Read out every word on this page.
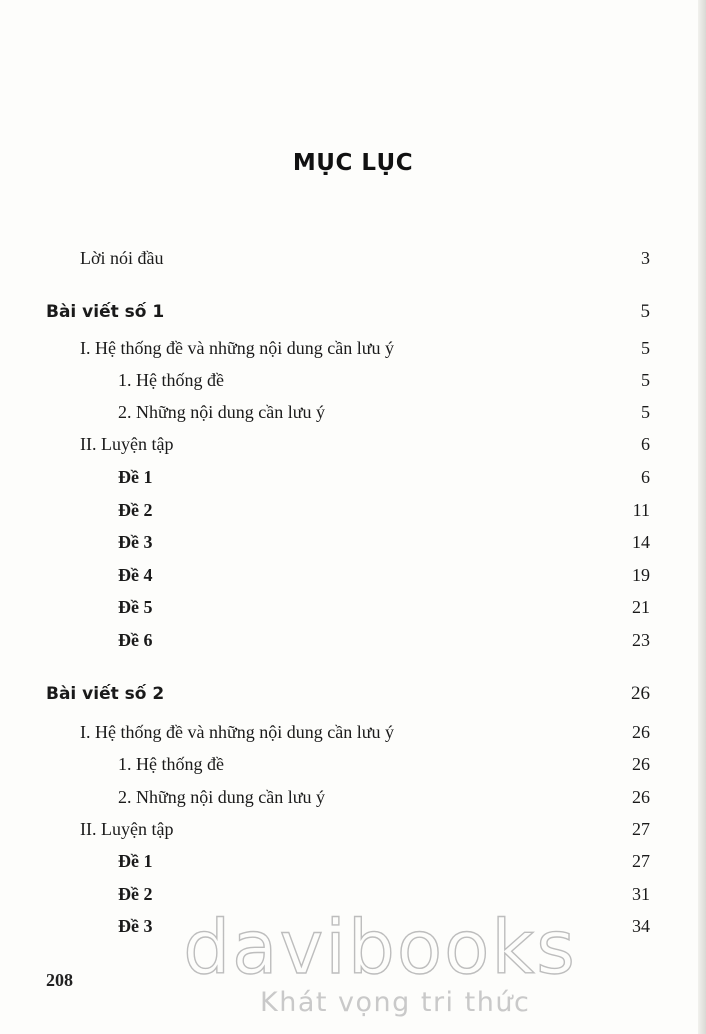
MỤC LỤC
Lời nói đầu	3
Bài viết số 1	5
I. Hệ thống đề và những nội dung cần lưu ý	5
1. Hệ thống đề	5
2. Những nội dung cần lưu ý	5
II. Luyện tập	6
Đề 1	6
Đề 2	11
Đề 3	14
Đề 4	19
Đề 5	21
Đề 6	23
Bài viết số 2	26
I. Hệ thống đề và những nội dung cần lưu ý	26
1. Hệ thống đề	26
2. Những nội dung cần lưu ý	26
II. Luyện tập	27
Đề 1	27
Đề 2	31
Đề 3	34
davibooks
Khát vọng tri thức
208
